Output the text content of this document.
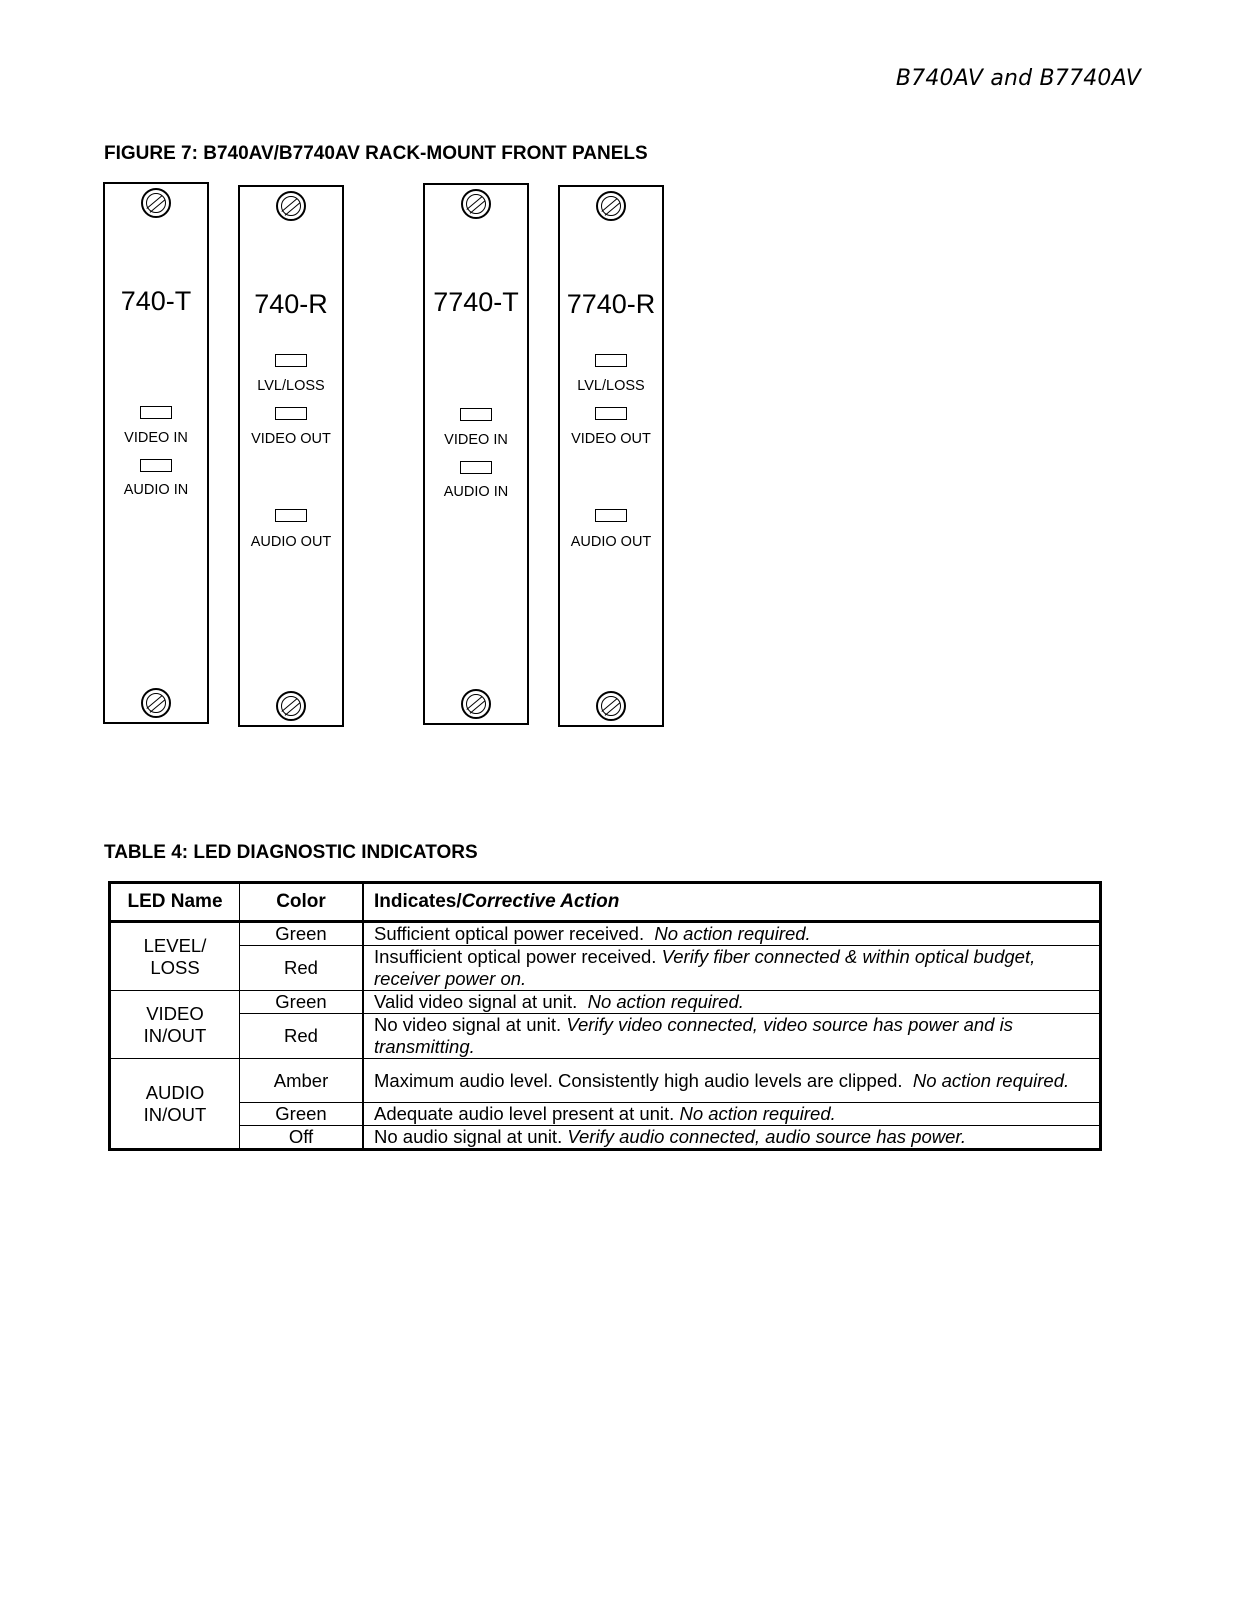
B740AV and B7740AV
FIGURE 7: B740AV/B7740AV RACK-MOUNT FRONT PANELS
740-T
VIDEO IN
AUDIO IN
740-R
LVL/LOSS
VIDEO OUT
AUDIO OUT
7740-T
VIDEO IN
AUDIO IN
7740-R
LVL/LOSS
VIDEO OUT
AUDIO OUT
TABLE 4: LED DIAGNOSTIC INDICATORS
LED Name	Color	Indicates/Corrective Action
LEVEL/
LOSS	Green	Sufficient optical power received.  No action required.
	Red	Insufficient optical power received. Verify fiber connected & within optical budget, receiver power on.
VIDEO
IN/OUT	Green	Valid video signal at unit.  No action required.
	Red	No video signal at unit. Verify video connected, video source has power and is transmitting.
AUDIO
IN/OUT	Amber	Maximum audio level. Consistently high audio levels are clipped.  No action required.
	Green	Adequate audio level present at unit. No action required.
	Off	No audio signal at unit. Verify audio connected, audio source has power.
